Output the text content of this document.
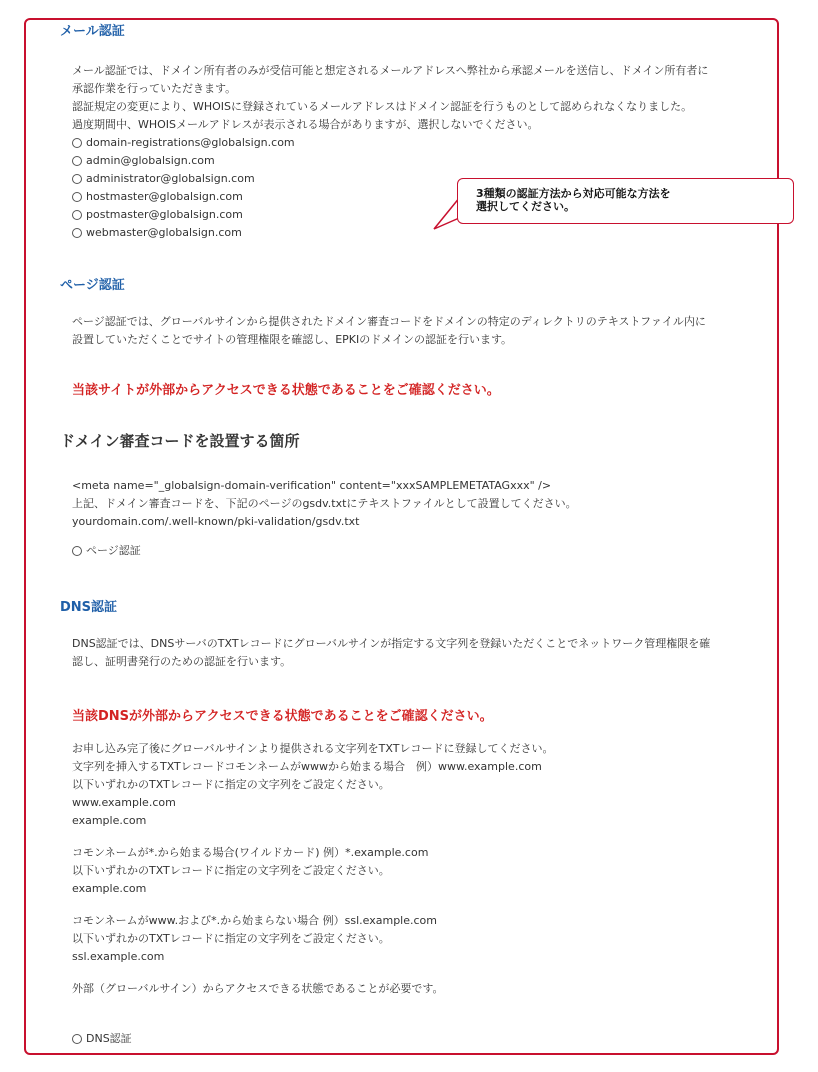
メール認証

メール認証では、ドメイン所有者のみが受信可能と想定されるメールアドレスへ弊社から承認メールを送信し、ドメイン所有者に

承認作業を行っていただきます。

認証規定の変更により、WHOISに登録されているメールアドレスはドメイン認証を行うものとして認められなくなりました。

過度期間中、WHOISメールアドレスが表示される場合がありますが、選択しないでください。

domain-registrations@globalsign.com
admin@globalsign.com
administrator@globalsign.com
hostmaster@globalsign.com
postmaster@globalsign.com
webmaster@globalsign.com
ページ認証

ページ認証では、グローバルサインから提供されたドメイン審査コードをドメインの特定のディレクトリのテキストファイル内に

設置していただくことでサイトの管理権限を確認し、EPKIのドメインの認証を行います。

当該サイトが外部からアクセスできる状態であることをご確認ください。
ドメイン審査コードを設置する箇所

<meta name="_globalsign-domain-verification" content="xxxSAMPLEMETATAGxxx" />

上記、ドメイン審査コードを、下記のページのgsdv.txtにテキストファイルとして設置してください。

yourdomain.com/.well-known/pki-validation/gsdv.txt

ページ認証
DNS認証

DNS認証では、DNSサーバのTXTレコードにグローバルサインが指定する文字列を登録いただくことでネットワーク管理権限を確

認し、証明書発行のための認証を行います。

当該DNSが外部からアクセスできる状態であることをご確認ください。

お申し込み完了後にグローバルサインより提供される文字列をTXTレコードに登録してください。

文字列を挿入するTXTレコードコモンネームがwwwから始まる場合　例）www.example.com

以下いずれかのTXTレコードに指定の文字列をご設定ください。

www.example.com

example.com

コモンネームが*.から始まる場合(ワイルドカード) 例）*.example.com

以下いずれかのTXTレコードに指定の文字列をご設定ください。

example.com

コモンネームがwww.および*.から始まらない場合 例）ssl.example.com

以下いずれかのTXTレコードに指定の文字列をご設定ください。

ssl.example.com

外部（グローバルサイン）からアクセスできる状態であることが必要です。

DNS認証
3種類の認証方法から対応可能な方法を
選択してください。
